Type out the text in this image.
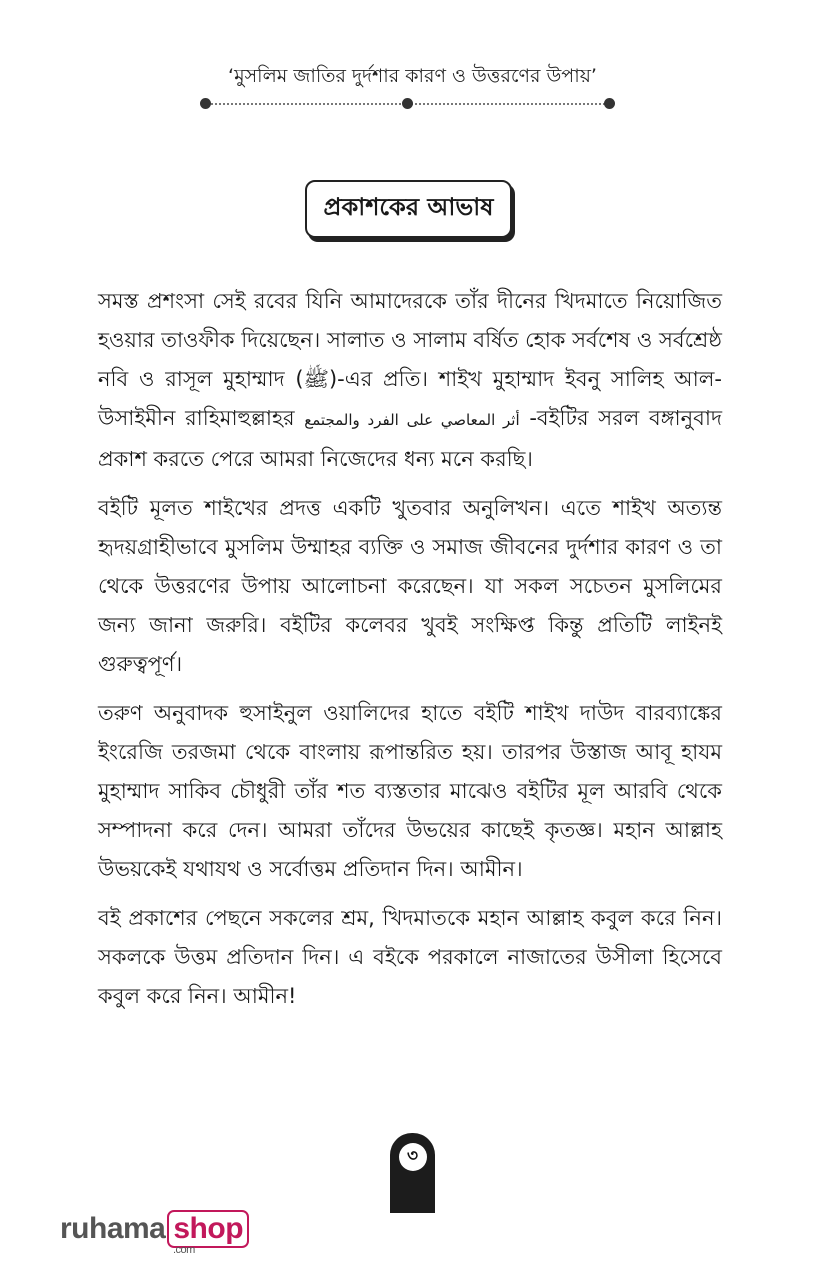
‘মুসলিম জাতির দুর্দশার কারণ ও উত্তরণের উপায়’
প্রকাশকের আভাষ

সমস্ত প্রশংসা সেই রবের যিনি আমাদেরকে তাঁর দীনের খিদমাতে নিয়োজিত হওয়ার তাওফীক দিয়েছেন। সালাত ও সালাম বর্ষিত হোক সর্বশেষ ও সর্বশ্রেষ্ঠ নবি ও রাসূল মুহাম্মাদ (ﷺ)-এর প্রতি। শাইখ মুহাম্মাদ ইবনু সালিহ আল-উসাইমীন রাহিমাহুল্লাহর أثر المعاصي على الفرد والمجتمع -বইটির সরল বঙ্গানুবাদ প্রকাশ করতে পেরে আমরা নিজেদের ধন্য মনে করছি।

বইটি মূলত শাইখের প্রদত্ত একটি খুতবার অনুলিখন। এতে শাইখ অত্যন্ত হৃদয়গ্রাহীভাবে মুসলিম উম্মাহর ব্যক্তি ও সমাজ জীবনের দুর্দশার কারণ ও তা থেকে উত্তরণের উপায় আলোচনা করেছেন। যা সকল সচেতন মুসলিমের জন্য জানা জরুরি। বইটির কলেবর খুবই সংক্ষিপ্ত কিন্তু প্রতিটি লাইনই গুরুত্বপূর্ণ।

তরুণ অনুবাদক হুসাইনুল ওয়ালিদের হাতে বইটি শাইখ দাউদ বারব্যাঙ্কের ইংরেজি তরজমা থেকে বাংলায় রূপান্তরিত হয়। তারপর উস্তাজ আবূ হাযম মুহাম্মাদ সাকিব চৌধুরী তাঁর শত ব্যস্ততার মাঝেও বইটির মূল আরবি থেকে সম্পাদনা করে দেন। আমরা তাঁদের উভয়ের কাছেই কৃতজ্ঞ। মহান আল্লাহ উভয়কেই যথাযথ ও সর্বোত্তম প্রতিদান দিন। আমীন।

বই প্রকাশের পেছনে সকলের শ্রম, খিদমাতকে মহান আল্লাহ কবুল করে নিন। সকলকে উত্তম প্রতিদান দিন। এ বইকে পরকালে নাজাতের উসীলা হিসেবে কবুল করে নিন। আমীন!

৩
ruhama shop
.com
